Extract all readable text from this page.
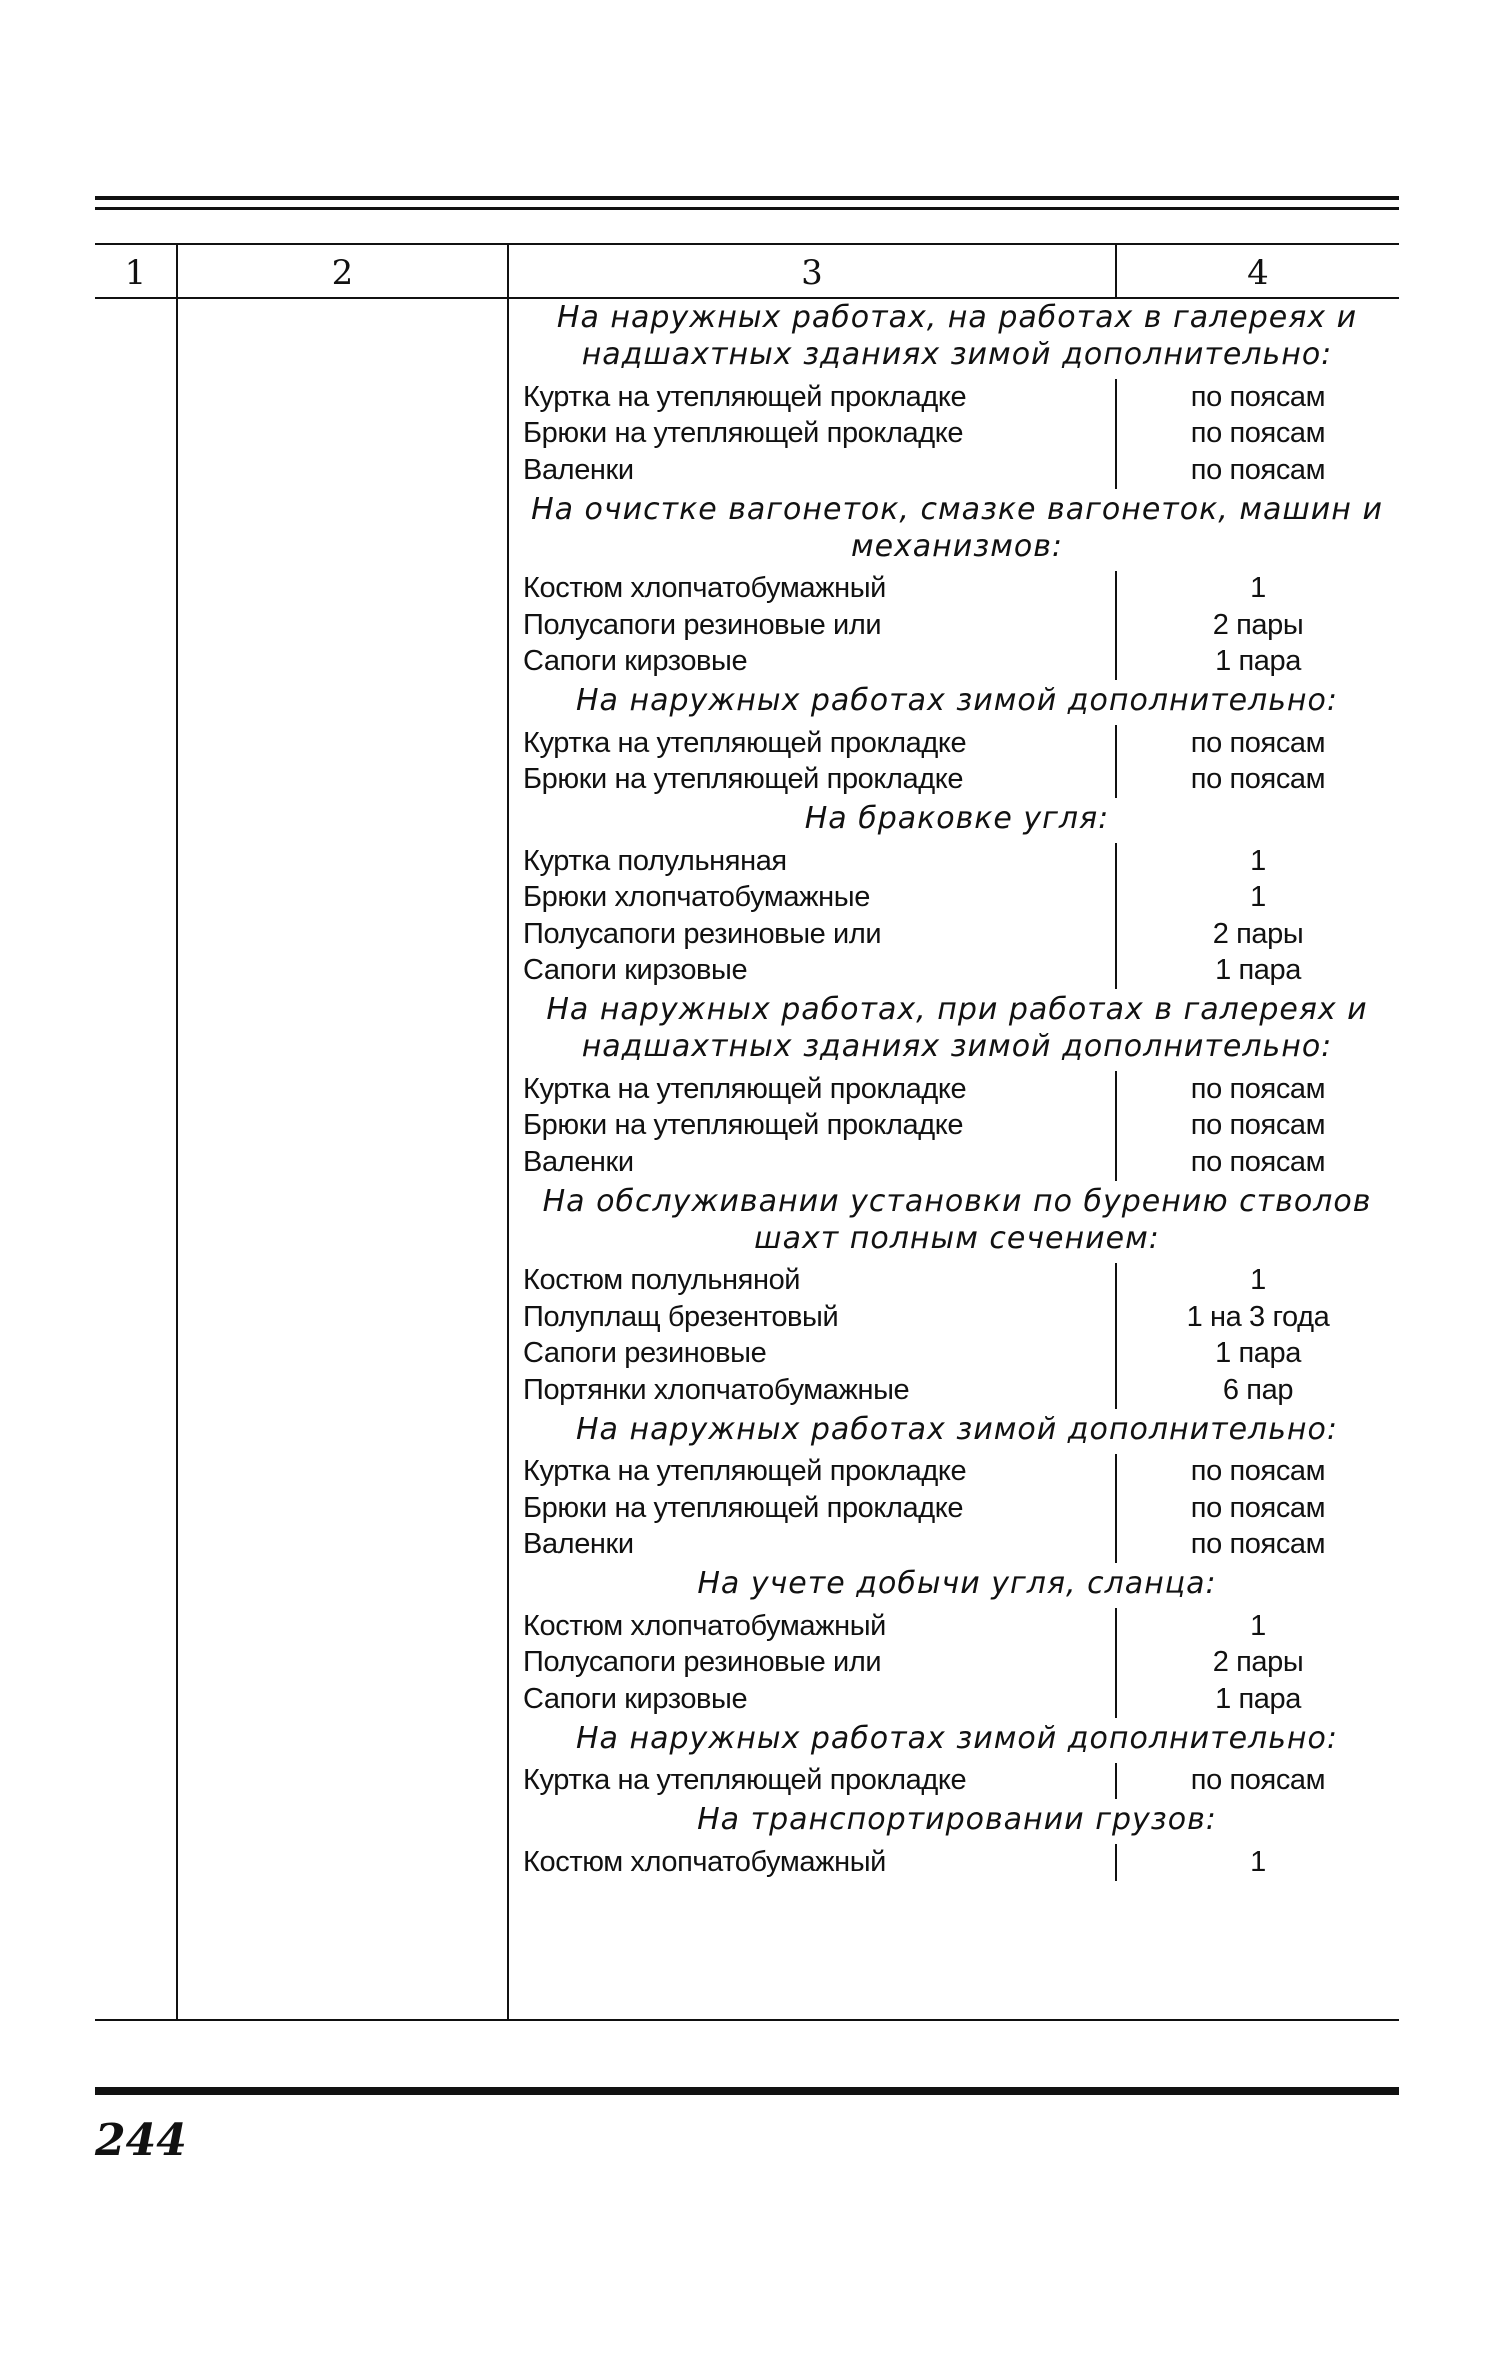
1	2	3	4
На наружных работах, на работах в галереях и надшахтных зданиях зимой дополнительно:
Куртка на утепляющей прокладке	по поясам
Брюки на утепляющей прокладке	по поясам
Валенки	по поясам
На очистке вагонеток, смазке вагонеток, машин и механизмов:
Костюм хлопчатобумажный	1
Полусапоги резиновые или	2 пары
Сапоги кирзовые	1 пара
На наружных работах зимой дополнительно:
Куртка на утепляющей прокладке	по поясам
Брюки на утепляющей прокладке	по поясам
На браковке угля:
Куртка полульняная	1
Брюки хлопчатобумажные	1
Полусапоги резиновые или	2 пары
Сапоги кирзовые	1 пара
На наружных работах, при работах в галереях и надшахтных зданиях зимой дополнительно:
Куртка на утепляющей прокладке	по поясам
Брюки на утепляющей прокладке	по поясам
Валенки	по поясам
На обслуживании установки по бурению стволов шахт полным сечением:
Костюм полульняной	1
Полуплащ брезентовый	1 на 3 года
Сапоги резиновые	1 пара
Портянки хлопчатобумажные	6 пар
На наружных работах зимой дополнительно:
Куртка на утепляющей прокладке	по поясам
Брюки на утепляющей прокладке	по поясам
Валенки	по поясам
На учете добычи угля, сланца:
Костюм хлопчатобумажный	1
Полусапоги резиновые или	2 пары
Сапоги кирзовые	1 пара
На наружных работах зимой дополнительно:
Куртка на утепляющей прокладке	по поясам
На транспортировании грузов:
Костюм хлопчатобумажный	1
244
